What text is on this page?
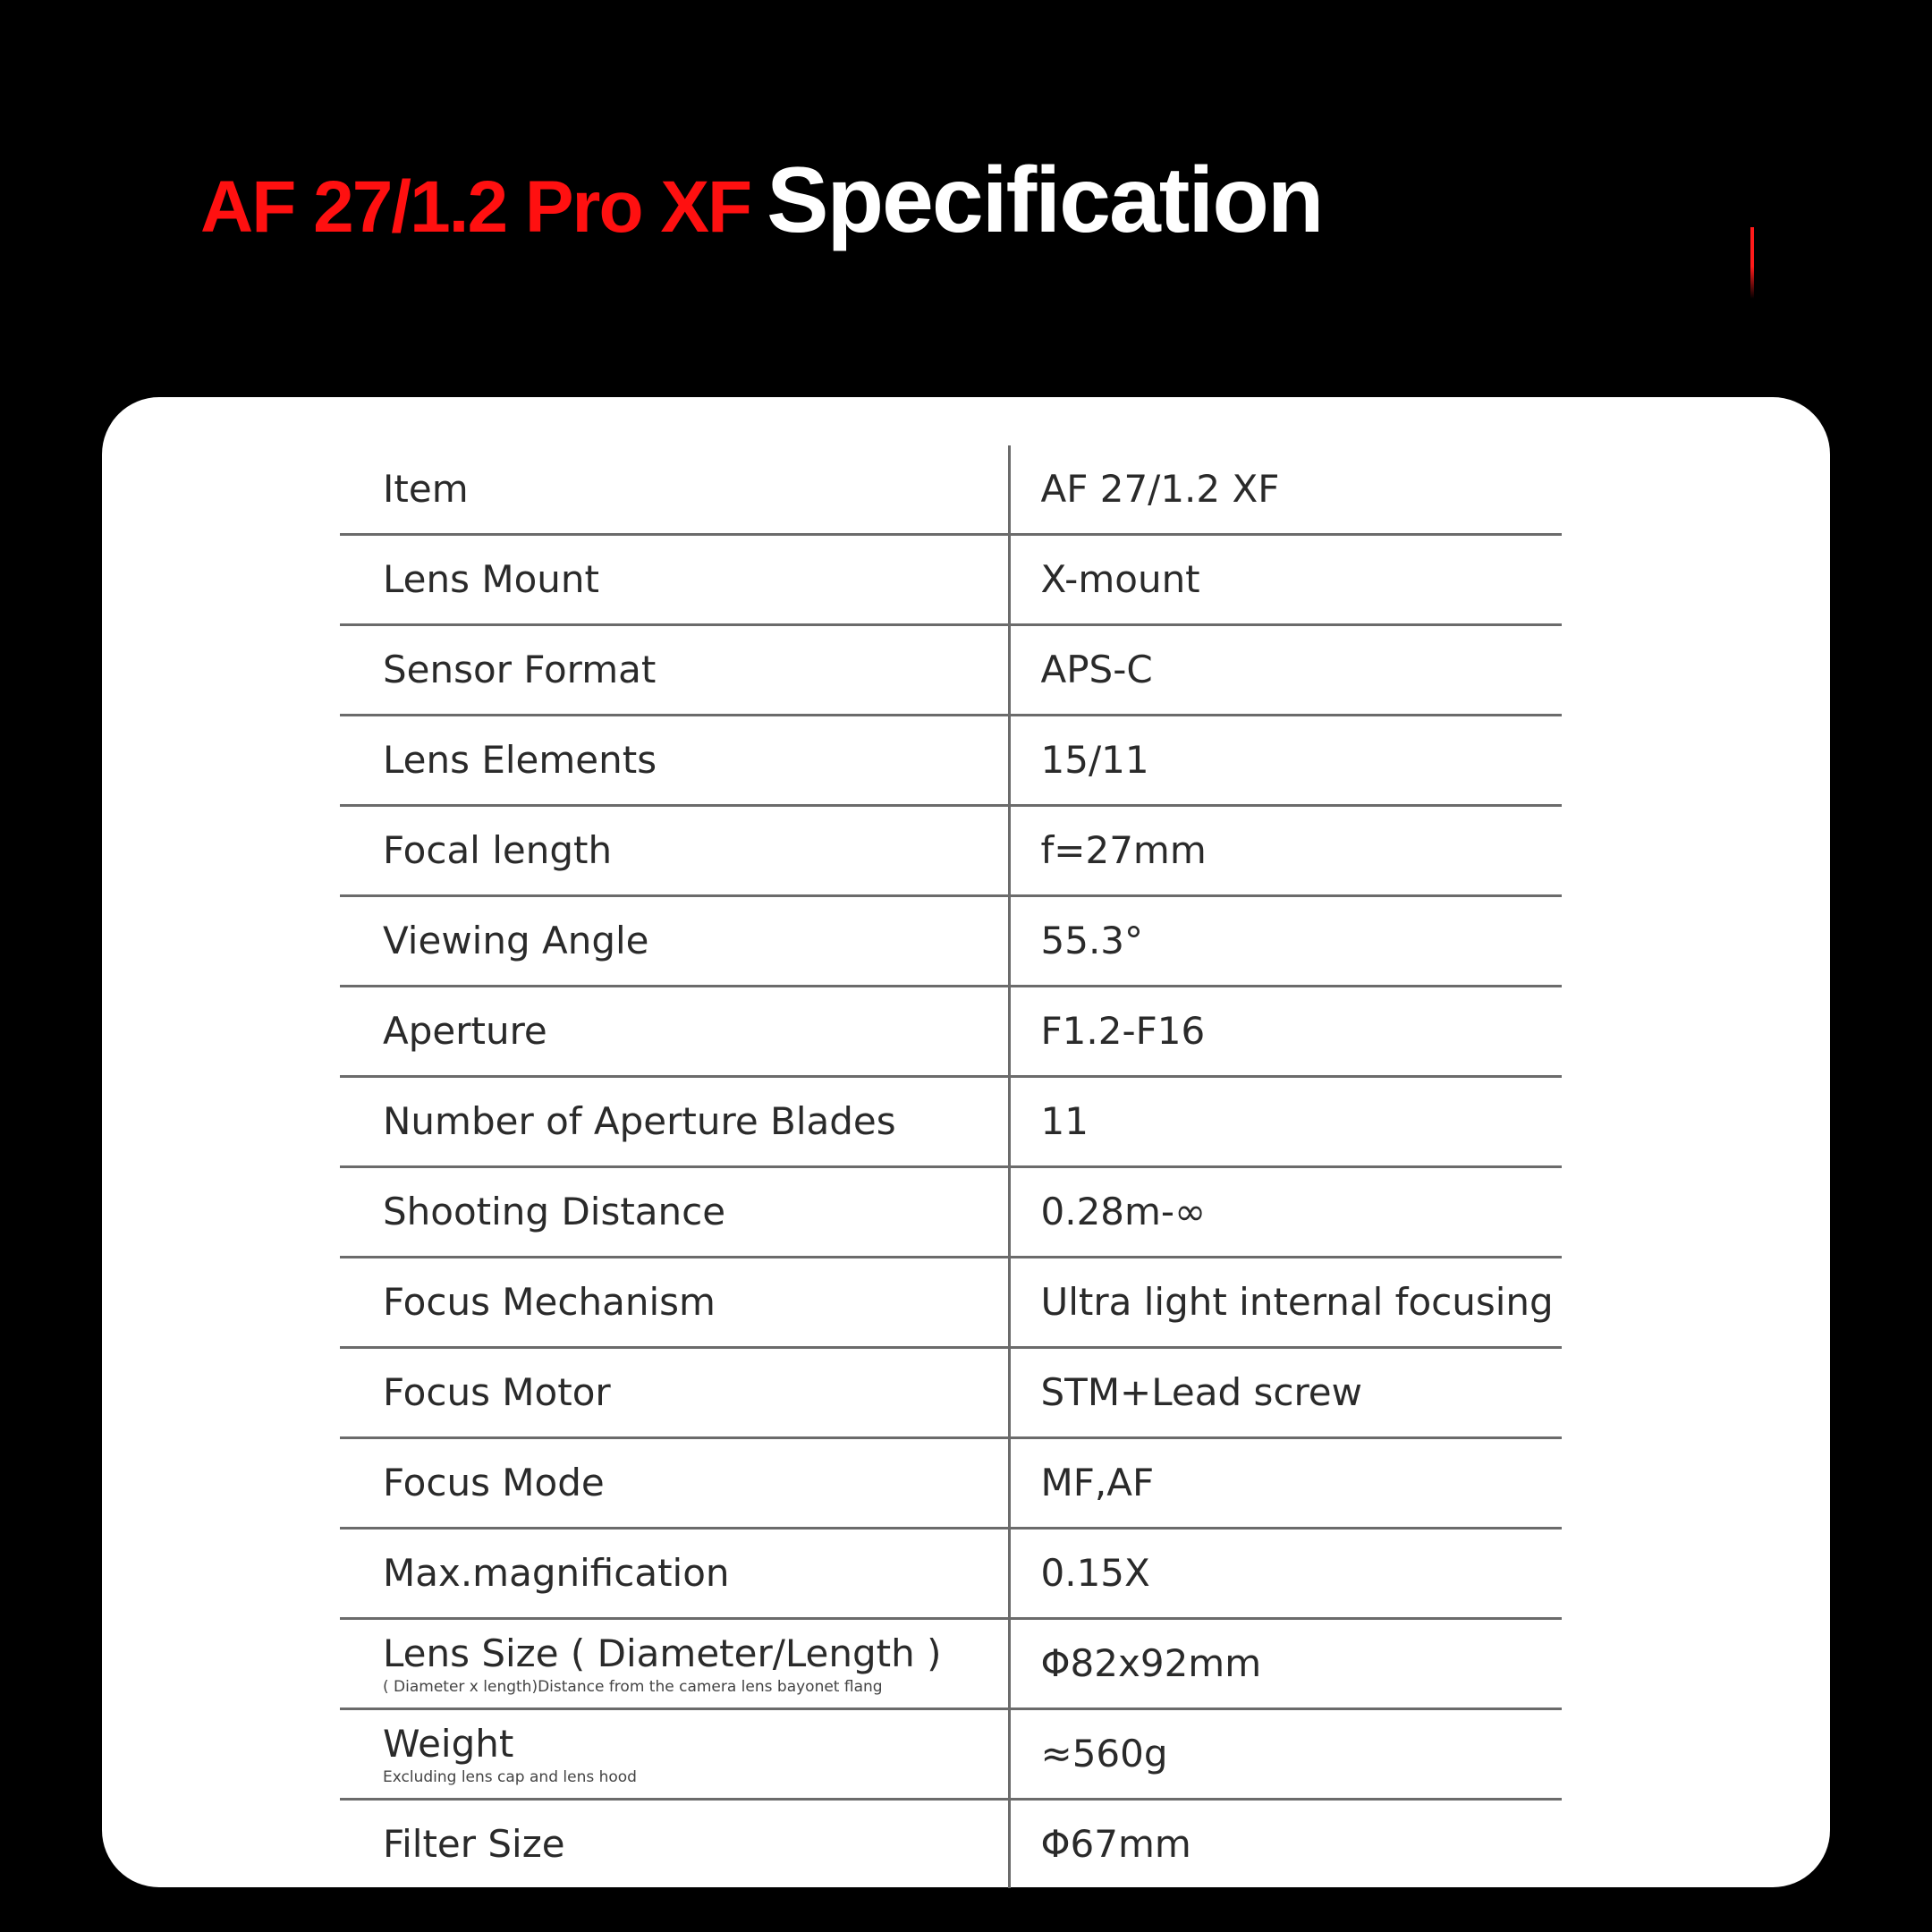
AF 27/1.2 Pro XF Specification
Item	AF 27/1.2 XF
Lens Mount	X-mount
Sensor Format	APS-C
Lens Elements	15/11
Focal length	f=27mm
Viewing Angle	55.3°
Aperture	F1.2-F16
Number of Aperture Blades	11
Shooting Distance	0.28m-∞
Focus Mechanism	Ultra light internal focusing
Focus Motor	STM+Lead screw
Focus Mode	MF,AF
Max.magnification	0.15X
Lens Size ( Diameter/Length )
( Diameter x length)Distance from the camera lens bayonet flang	Φ82x92mm
Weight
Excluding lens cap and lens hood	≈560g
Filter Size	Φ67mm
